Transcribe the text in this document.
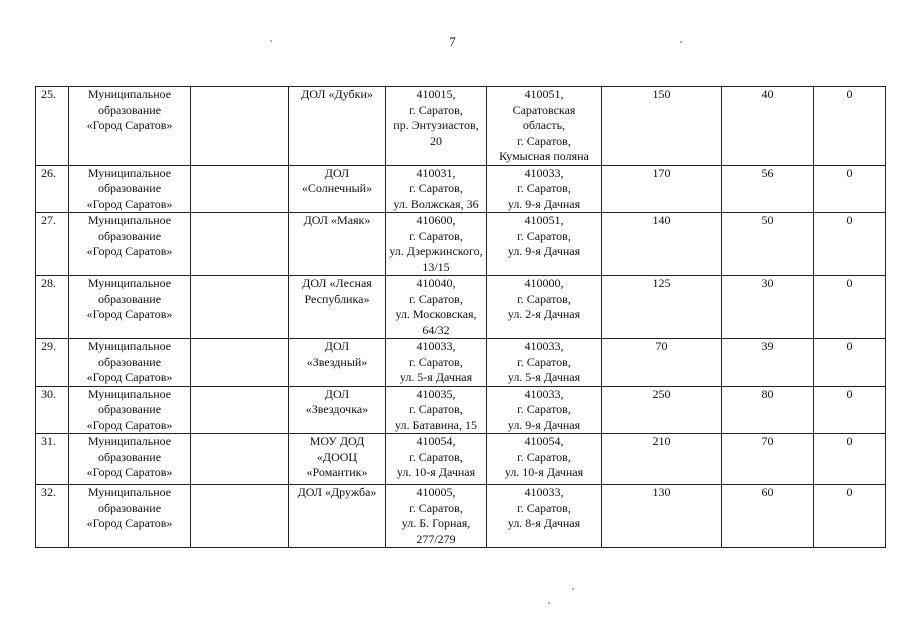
7
25.	Муниципальное
образование
«Город Саратов»		ДОЛ «Дубки»	410015,
г. Саратов,
пр. Энтузиастов, 20	410051,
Саратовская
область,
г. Саратов,
Кумысная поляна	150	40	0
26.	Муниципальное
образование
«Город Саратов»		ДОЛ
«Солнечный»	410031,
г. Саратов,
ул. Волжская, 36	410033,
г. Саратов,
ул. 9-я Дачная	170	56	0
27.	Муниципальное
образование
«Город Саратов»		ДОЛ «Маяк»	410600,
г. Саратов,
ул. Дзержинского,
13/15	410051,
г. Саратов,
ул. 9-я Дачная	140	50	0
28.	Муниципальное
образование
«Город Саратов»		ДОЛ «Лесная
Республика»	410040,
г. Саратов,
ул. Московская,
64/32	410000,
г. Саратов,
ул. 2-я Дачная	125	30	0
29.	Муниципальное
образование
«Город Саратов»		ДОЛ
«Звездный»	410033,
г. Саратов,
ул. 5-я Дачная	410033,
г. Саратов,
ул. 5-я Дачная	70	39	0
30.	Муниципальное
образование
«Город Саратов»		ДОЛ
«Звездочка»	410035,
г. Саратов,
ул. Батавина, 15	410033,
г. Саратов,
ул. 9-я Дачная	250	80	0
31.	Муниципальное
образование
«Город Саратов»		МОУ ДОД
«ДООЦ
«Романтик»	410054,
г. Саратов,
ул. 10-я Дачная	410054,
г. Саратов,
ул. 10-я Дачная	210	70	0
32.	Муниципальное
образование
«Город Саратов»		ДОЛ «Дружба»	410005,
г. Саратов,
ул. Б. Горная,
277/279	410033,
г. Саратов,
ул. 8-я Дачная	130	60	0
